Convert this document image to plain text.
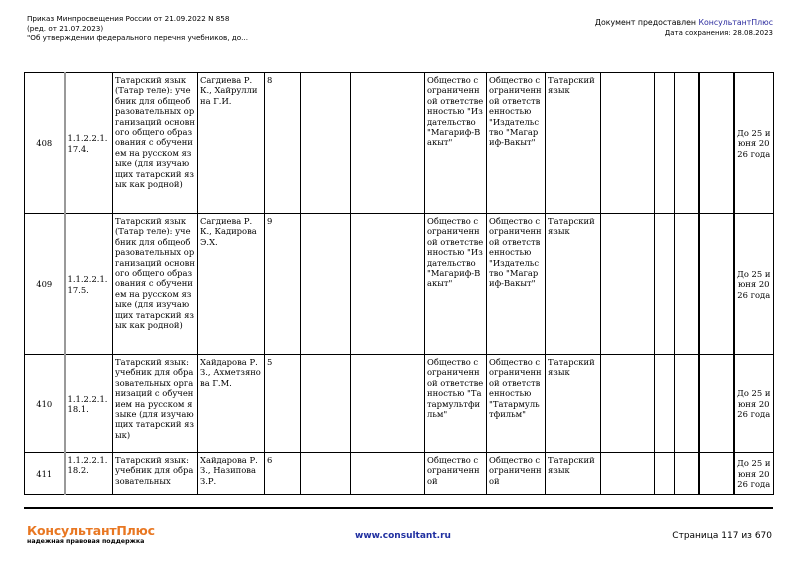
Приказ Минпросвещения России от 21.09.2022 N 858
(ред. от 21.07.2023)
"Об утверждении федерального перечня учебников, до...
Документ предоставлен КонсультантПлюс
Дата сохранения: 28.08.2023
408	1.1.2.2.1. 17.4.	Татарский язык (Татар теле): учебник для общеобразовательных организаций основного общего образования с обучением на русском языке (для изучающих татарский язык как родной)	Сагдиева Р.К., Хайруллина Г.И.	8			Общество с ограниченной ответственностью "Издательство "Магариф-Вакыт"	Общество с ограниченной ответственностью "Издательство "Магариф-Вакыт"	Татарский язык					До 25 июня 2026 года
409	1.1.2.2.1. 17.5.	Татарский язык (Татар теле): учебник для общеобразовательных организаций основного общего образования с обучением на русском языке (для изучающих татарский язык как родной)	Сагдиева Р.К., Кадирова Э.Х.	9			Общество с ограниченной ответственностью "Издательство "Магариф-Вакыт"	Общество с ограниченной ответственностью "Издательство "Магариф-Вакыт"	Татарский язык					До 25 июня 2026 года
410	1.1.2.2.1. 18.1.	Татарский язык: учебник для образовательных организаций с обучением на русском языке (для изучающих татарский язык)	Хайдарова Р.З., Ахметзянова Г.М.	5			Общество с ограниченной ответственностью "Татармультфильм"	Общество с ограниченной ответственностью "Татармультфильм"	Татарский язык					До 25 июня 2026 года
411	1.1.2.2.1. 18.2.	Татарский язык: учебник для образовательных	Хайдарова Р.З., Назипова З.Р.	6			Общество с ограниченной	Общество с ограниченной	Татарский язык					До 25 июня 2026 года
КонсультантПлюс
надежная правовая поддержка
www.consultant.ru	Страница 117 из 670
